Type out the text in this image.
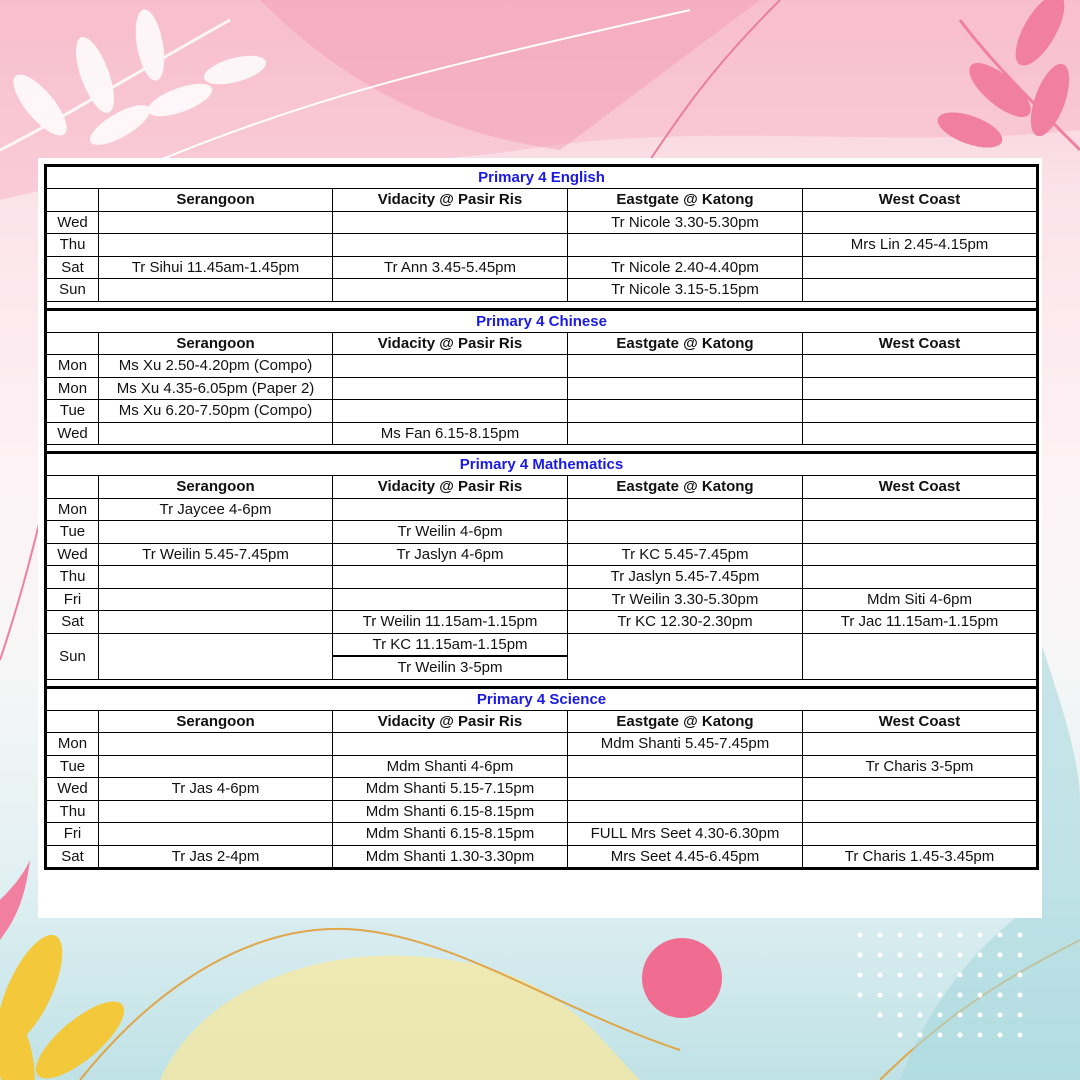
Primary 4 English				
	Serangoon	Vidacity @ Pasir Ris	Eastgate @ Katong	West Coast
Wed			Tr Nicole 3.30-5.30pm	
Thu				Mrs Lin 2.45-4.15pm
Sat	Tr Sihui 11.45am-1.45pm	Tr Ann 3.45-5.45pm	Tr Nicole 2.40-4.40pm	
Sun			Tr Nicole 3.15-5.15pm	

Primary 4 Chinese				
	Serangoon	Vidacity @ Pasir Ris	Eastgate @ Katong	West Coast
Mon	Ms Xu 2.50-4.20pm (Compo)			
Mon	Ms Xu 4.35-6.05pm (Paper 2)			
Tue	Ms Xu 6.20-7.50pm (Compo)			
Wed		Ms Fan 6.15-8.15pm		

Primary 4 Mathematics				
	Serangoon	Vidacity @ Pasir Ris	Eastgate @ Katong	West Coast
Mon	Tr Jaycee 4-6pm			
Tue		Tr Weilin 4-6pm		
Wed	Tr Weilin 5.45-7.45pm	Tr Jaslyn 4-6pm	Tr KC 5.45-7.45pm	
Thu			Tr Jaslyn 5.45-7.45pm	
Fri			Tr Weilin 3.30-5.30pm	Mdm Siti 4-6pm
Sat		Tr Weilin 11.15am-1.15pm	Tr KC 12.30-2.30pm	Tr Jac 11.15am-1.15pm
Sun		Tr KC 11.15am-1.15pm		
		Tr Weilin 3-5pm		

Primary 4 Science				
	Serangoon	Vidacity @ Pasir Ris	Eastgate @ Katong	West Coast
Mon			Mdm Shanti 5.45-7.45pm	
Tue		Mdm Shanti 4-6pm		Tr Charis 3-5pm
Wed	Tr Jas 4-6pm	Mdm Shanti 5.15-7.15pm		
Thu		Mdm Shanti 6.15-8.15pm		
Fri		Mdm Shanti 6.15-8.15pm	FULL Mrs Seet 4.30-6.30pm	
Sat	Tr Jas 2-4pm	Mdm Shanti 1.30-3.30pm	Mrs Seet 4.45-6.45pm	Tr Charis 1.45-3.45pm
